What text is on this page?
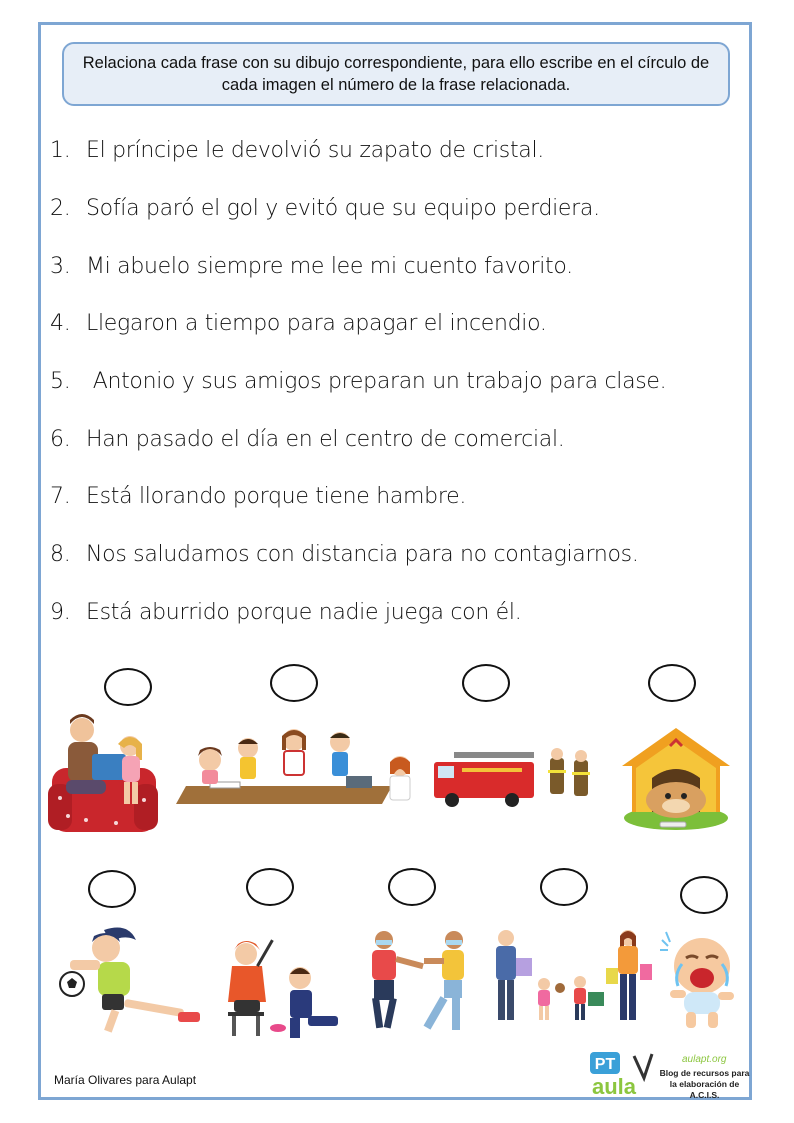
Relaciona cada frase con su dibujo correspondiente, para ello escribe en el círculo de cada imagen el número de la frase relacionada.
1. El príncipe le devolvió su zapato de cristal.
2. Sofía paró el gol y evitó que su equipo perdiera.
3. Mi abuelo siempre me lee mi cuento favorito.
4. Llegaron a tiempo para apagar el incendio.
5. Antonio y sus amigos preparan un trabajo para clase.
6. Han pasado el día en el centro de comercial.
7. Está llorando porque tiene hambre.
8. Nos saludamos con distancia para no contagiarnos.
9. Está aburrido porque nadie juega con él.
María Olivares para Aulapt
PT
aula
aulapt.org
Blog de recursos para la elaboración de A.C.I.S.
